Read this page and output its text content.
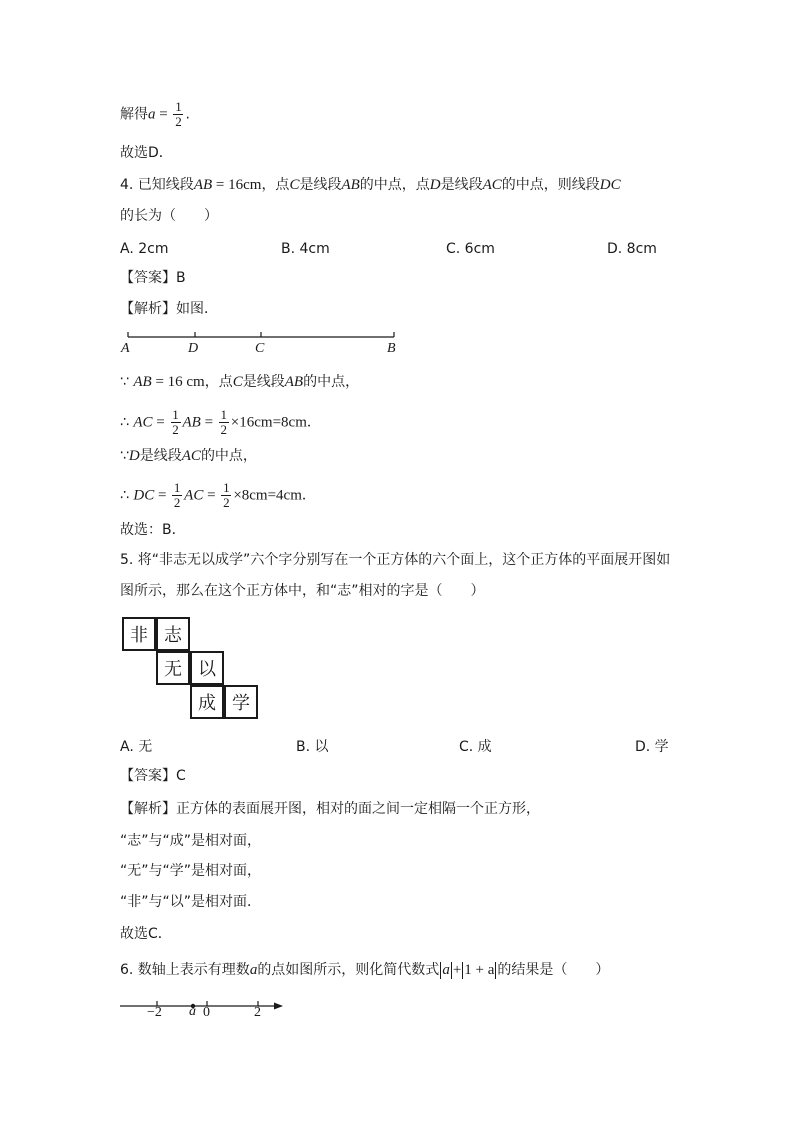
解得$a = \frac{1}{2}$ .
故选D．
4. 已知线段AB = 16cm，点C是线段AB的中点，点D是线段AC的中点，则线段DC
的长为（　　）
A. 2cm	B. 4cm	C. 6cm	D. 8cm
【答案】B
【解析】如图．
A	D	C	B
∵ AB = 16 cm，点C是线段AB的中点，
∴ AC = $\frac{1}{2}$ AB = $\frac{1}{2} \times 16cm=8cm$．
∵D是线段AC的中点，
∴ DC = $\frac{1}{2}$ AC = $\frac{1}{2} \times 8cm=4cm$．
故选：B．
5. 将“非志无以成学”六个字分别写在一个正方体的六个面上，这个正方体的平面展开图如
图所示，那么在这个正方体中，和“志”相对的字是（　　）
非 志
无 以
成 学
A. 无	B. 以	C. 成	D. 学
【答案】C
【解析】正方体的表面展开图，相对的面之间一定相隔一个正方形，
“志”与“成”是相对面，
“无”与“学”是相对面，
“非”与“以”是相对面．
故选C．
6. 数轴上表示有理数a的点如图所示，则化简代数式 a + 1 + a 的结果是（　　）
−2 a 0	2
